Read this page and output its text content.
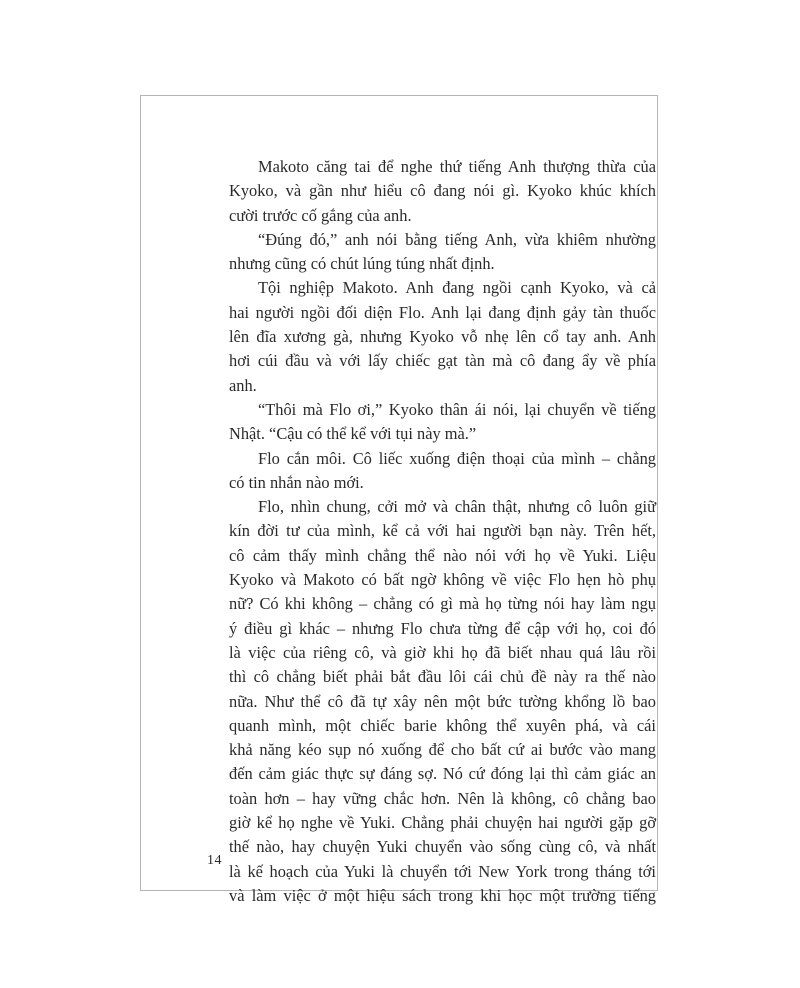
Makoto căng tai để nghe thứ tiếng Anh thượng thừa của
Kyoko, và gần như hiểu cô đang nói gì. Kyoko khúc khích
cười trước cố gắng của anh.
“Đúng đó,” anh nói bằng tiếng Anh, vừa khiêm nhường
nhưng cũng có chút lúng túng nhất định.
Tội nghiệp Makoto. Anh đang ngồi cạnh Kyoko, và cả
hai người ngồi đối diện Flo. Anh lại đang định gảy tàn thuốc
lên đĩa xương gà, nhưng Kyoko vỗ nhẹ lên cổ tay anh. Anh
hơi cúi đầu và với lấy chiếc gạt tàn mà cô đang ẩy về phía
anh.
“Thôi mà Flo ơi,” Kyoko thân ái nói, lại chuyển về tiếng
Nhật. “Cậu có thể kể với tụi này mà.”
Flo cắn môi. Cô liếc xuống điện thoại của mình – chẳng
có tin nhắn nào mới.
Flo, nhìn chung, cởi mở và chân thật, nhưng cô luôn giữ
kín đời tư của mình, kể cả với hai người bạn này. Trên hết,
cô cảm thấy mình chẳng thể nào nói với họ về Yuki. Liệu
Kyoko và Makoto có bất ngờ không về việc Flo hẹn hò phụ
nữ? Có khi không – chẳng có gì mà họ từng nói hay làm ngụ
ý điều gì khác – nhưng Flo chưa từng để cập với họ, coi đó
là việc của riêng cô, và giờ khi họ đã biết nhau quá lâu rồi
thì cô chẳng biết phải bắt đầu lôi cái chủ đề này ra thế nào
nữa. Như thể cô đã tự xây nên một bức tường khổng lồ bao
quanh mình, một chiếc barie không thể xuyên phá, và cái
khả năng kéo sụp nó xuống để cho bất cứ ai bước vào mang
đến cảm giác thực sự đáng sợ. Nó cứ đóng lại thì cảm giác an
toàn hơn – hay vững chắc hơn. Nên là không, cô chẳng bao
giờ kể họ nghe về Yuki. Chẳng phải chuyện hai người gặp gỡ
thế nào, hay chuyện Yuki chuyển vào sống cùng cô, và nhất
là kế hoạch của Yuki là chuyển tới New York trong tháng tới
và làm việc ở một hiệu sách trong khi học một trường tiếng
14
